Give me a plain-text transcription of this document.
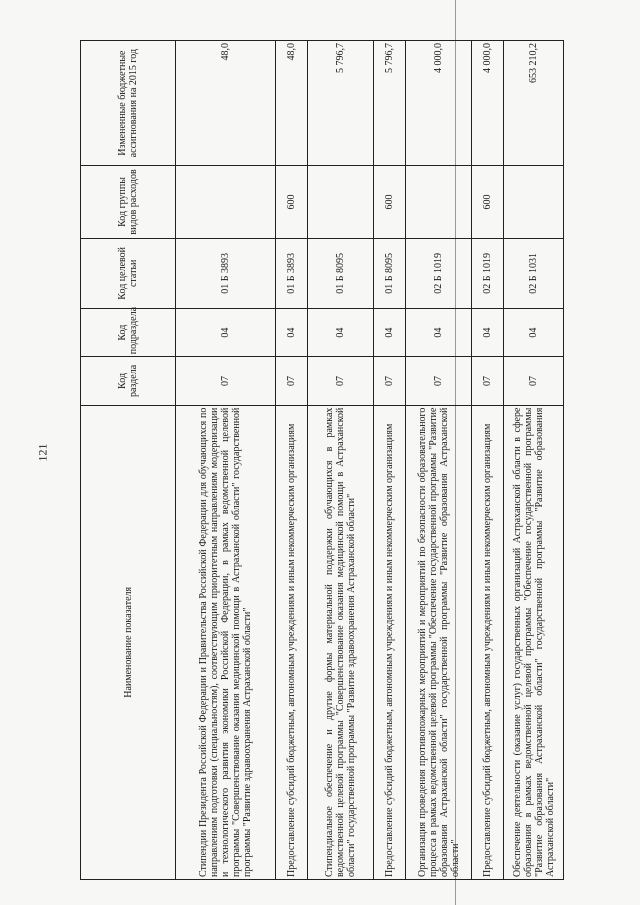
121
Наименование показателя	Код раздела	Код подраздела	Код целевой статьи	Код группы видов расходов	Измененные бюджетные ассигнования на 2015 год
Стипендии Президента Российской Федерации и Правительства Российской Федерации для обучающихся по направлениям подготовки (специальностям), соответствующим приоритетным направлениям модернизации и технологического развития экономики Российской Федерации, в рамках ведомственной целевой программы "Совершенствование оказания медицинской помощи в Астраханской области" государственной программы "Развитие здравоохранения Астраханской области"	07	04	01 Б 3893		48,0
Предоставление субсидий бюджетным, автономным учреждениям и иным некоммерческим организациям	07	04	01 Б 3893	600	48,0
Стипендиальное обеспечение и другие формы материальной поддержки обучающихся в рамках ведомственной целевой программы "Совершенствование оказания медицинской помощи в Астраханской области" государственной программы "Развитие здравоохранения Астраханской области"	07	04	01 Б 8095		5 796,7
Предоставление субсидий бюджетным, автономным учреждениям и иным некоммерческим организациям	07	04	01 Б 8095	600	5 796,7
Организация проведения противопожарных мероприятий и мероприятий по безопасности образовательного процесса в рамках ведомственной целевой программы "Обеспечение государственной программы "Развитие образования Астраханской области" государственной программы "Развитие образования Астраханской области"	07	04	02 Б 1019		4 000,0
Предоставление субсидий бюджетным, автономным учреждениям и иным некоммерческим организациям	07	04	02 Б 1019	600	4 000,0
Обеспечение деятельности (оказание услуг) государственных организаций Астраханской области в сфере образования в рамках ведомственной целевой программы "Обеспечение государственной программы "Развитие образования Астраханской области" государственной программы "Развитие образования Астраханской области"	07	04	02 Б 1031		653 210,2
